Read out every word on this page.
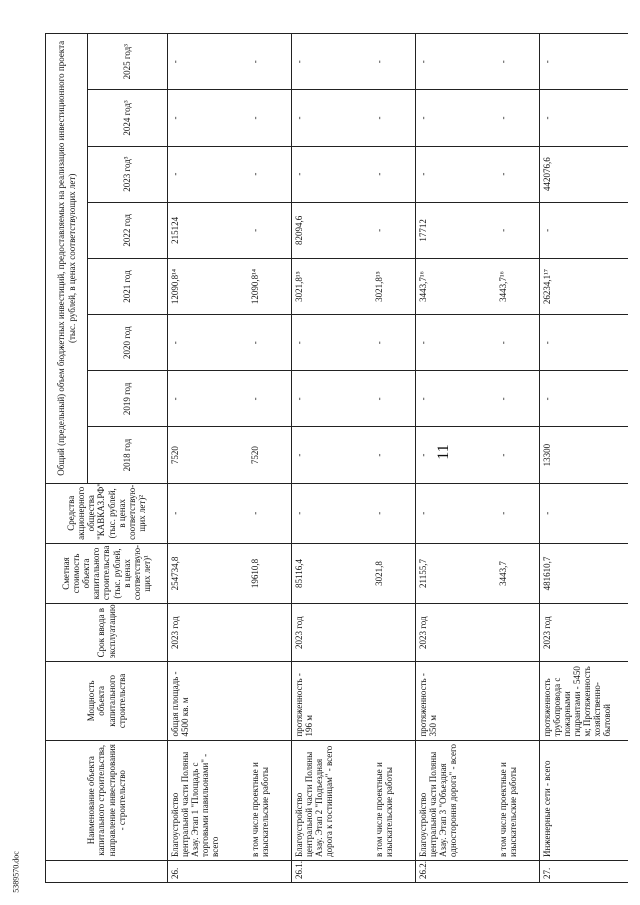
11
5389570.doc
	Наименование объекта капитального строительства, направление инвестирования - строительство	Мощность объекта капитального строительства	Срок ввода в эксплуатацию	Сметная стоимость объекта капитального строительства (тыс. рублей, в ценах соответствую-щих лет)¹	Средства акционерного общества "КАВКАЗ.РФ" (тыс. рублей, в ценах соответствую-щих лет)²	Общий (предельный) объем бюджетных инвестиций, предоставляемых на реализацию инвестиционного проекта (тыс. рублей, в ценах соответствующих лет)							
						2018 год	2019 год	2020 год	2021 год	2022 год	2023 год³	2024 год³	2025 год³
26.	Благоустройство центральной части Поляны Азау. Этап 1 "Площадь с торговыми павильонами" - всего	общая площадь - 4500 кв. м	2023 год	254734,8	-	7520	-	-	12090,8¹⁴	215124	-	-	-
	в том числе проектные и изыскательские работы			19610,8	-	7520	-	-	12090,8¹⁴	-	-	-	-
26.1.	Благоустройство центральной части Поляны Азау. Этап 2 "Подъездная дорога к гостиницам" - всего	протяженность - 196 м	2023 год	85116,4	-	-	-	-	3021,8¹⁵	82094,6	-	-	-
	в том числе проектные и изыскательские работы			3021,8	-	-	-	-	3021,8¹⁵	-	-	-	-
26.2.	Благоустройство центральной части Поляны Азау. Этап 3 "Объездная одностороння дорога" - всего	протяженность - 350 м	2023 год	21155,7	-	-	-	-	3443,7¹⁶	17712	-	-	-
	в том числе проектные и изыскательские работы			3443,7	-	-	-	-	3443,7¹⁶	-	-	-	-
27.	Инженерные сети - всего	протяженность трубопровода с пожарными гидрантами - 5450 м; Протяженность хозяйственно-бытовой	2023 год	481610,7	-	13300	-	-	26234,1¹⁷	-	442076,6	-	-
